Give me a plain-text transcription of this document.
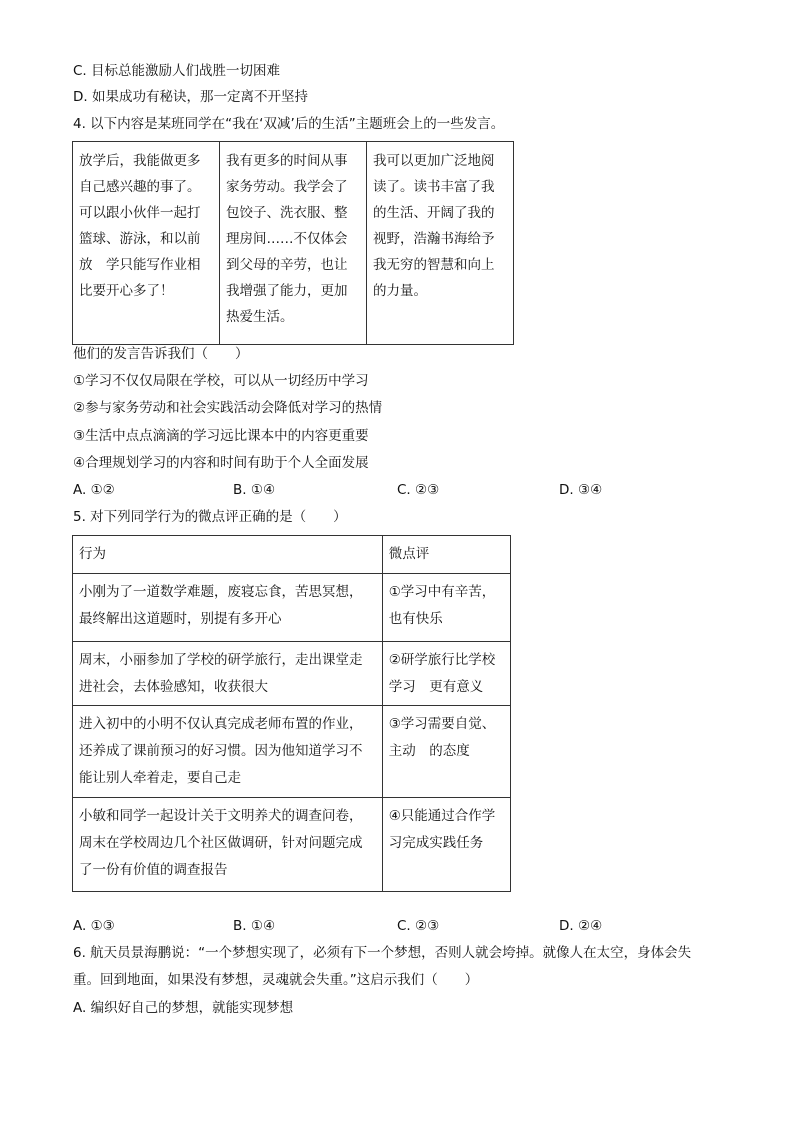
C. 目标总能激励人们战胜一切困难
D. 如果成功有秘诀，那一定离不开坚持
4. 以下内容是某班同学在“我在‘双减’后的生活”主题班会上的一些发言。
放学后，我能做更多自己感兴趣的事了。可以跟小伙伴一起打篮球、游泳，和以前放　学只能写作业相比要开心多了！	我有更多的时间从事家务劳动。我学会了包饺子、洗衣服、整理房间……不仅体会到父母的辛劳，也让我增强了能力，更加热爱生活。	我可以更加广泛地阅读了。读书丰富了我的生活、开阔了我的视野，浩瀚书海给予我无穷的智慧和向上的力量。
他们的发言告诉我们（　　）
①学习不仅仅局限在学校，可以从一切经历中学习
②参与家务劳动和社会实践活动会降低对学习的热情
③生活中点点滴滴的学习远比课本中的内容更重要
④合理规划学习的内容和时间有助于个人全面发展
A. ①②	B. ①④	C. ②③	D. ③④
5. 对下列同学行为的微点评正确的是（　　）
行为	微点评
小刚为了一道数学难题，废寝忘食，苦思冥想，最终解出这道题时，别提有多开心	①学习中有辛苦，也有快乐
周末，小丽参加了学校的研学旅行，走出课堂走进社会，去体验感知，收获很大	②研学旅行比学校学习　更有意义
进入初中的小明不仅认真完成老师布置的作业，还养成了课前预习的好习惯。因为他知道学习不能让别人牵着走，要自己走	③学习需要自觉、主动　的态度
小敏和同学一起设计关于文明养犬的调查问卷，周末在学校周边几个社区做调研，针对问题完成了一份有价值的调查报告	④只能通过合作学习完成实践任务
A. ①③	B. ①④	C. ②③	D. ②④
6. 航天员景海鹏说：“一个梦想实现了，必须有下一个梦想，否则人就会垮掉。就像人在太空，身体会失
重。回到地面，如果没有梦想，灵魂就会失重。”这启示我们（　　）
A. 编织好自己的梦想，就能实现梦想
